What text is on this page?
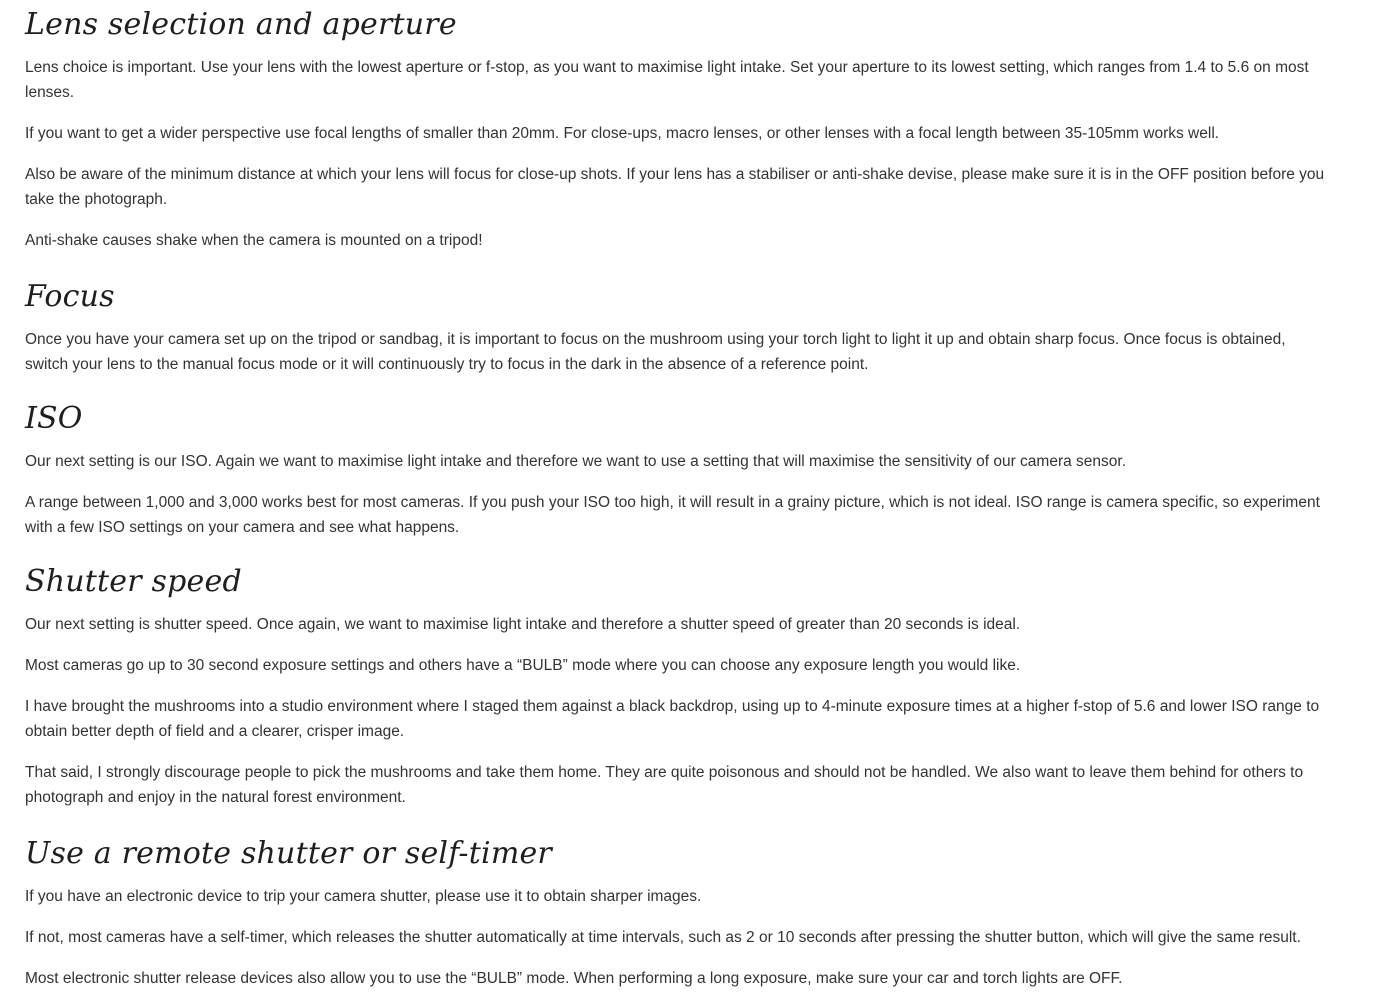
Lens selection and aperture

Lens choice is important. Use your lens with the lowest aperture or f-stop, as you want to maximise light intake. Set your aperture to its lowest setting, which ranges from 1.4 to 5.6 on most lenses.

If you want to get a wider perspective use focal lengths of smaller than 20mm. For close-ups, macro lenses, or other lenses with a focal length between 35-105mm works well.

Also be aware of the minimum distance at which your lens will focus for close-up shots. If your lens has a stabiliser or anti-shake devise, please make sure it is in the OFF position before you take the photograph.

Anti-shake causes shake when the camera is mounted on a tripod!

Focus

Once you have your camera set up on the tripod or sandbag, it is important to focus on the mushroom using your torch light to light it up and obtain sharp focus. Once focus is obtained, switch your lens to the manual focus mode or it will continuously try to focus in the dark in the absence of a reference point.

ISO

Our next setting is our ISO. Again we want to maximise light intake and therefore we want to use a setting that will maximise the sensitivity of our camera sensor.

A range between 1,000 and 3,000 works best for most cameras. If you push your ISO too high, it will result in a grainy picture, which is not ideal. ISO range is camera specific, so experiment with a few ISO settings on your camera and see what happens.

Shutter speed

Our next setting is shutter speed. Once again, we want to maximise light intake and therefore a shutter speed of greater than 20 seconds is ideal.

Most cameras go up to 30 second exposure settings and others have a “BULB” mode where you can choose any exposure length you would like.

I have brought the mushrooms into a studio environment where I staged them against a black backdrop, using up to 4-minute exposure times at a higher f-stop of 5.6 and lower ISO range to obtain better depth of field and a clearer, crisper image.

That said, I strongly discourage people to pick the mushrooms and take them home. They are quite poisonous and should not be handled. We also want to leave them behind for others to photograph and enjoy in the natural forest environment.

Use a remote shutter or self-timer

If you have an electronic device to trip your camera shutter, please use it to obtain sharper images.

If not, most cameras have a self-timer, which releases the shutter automatically at time intervals, such as 2 or 10 seconds after pressing the shutter button, which will give the same result.

Most electronic shutter release devices also allow you to use the “BULB” mode. When performing a long exposure, make sure your car and torch lights are OFF.
